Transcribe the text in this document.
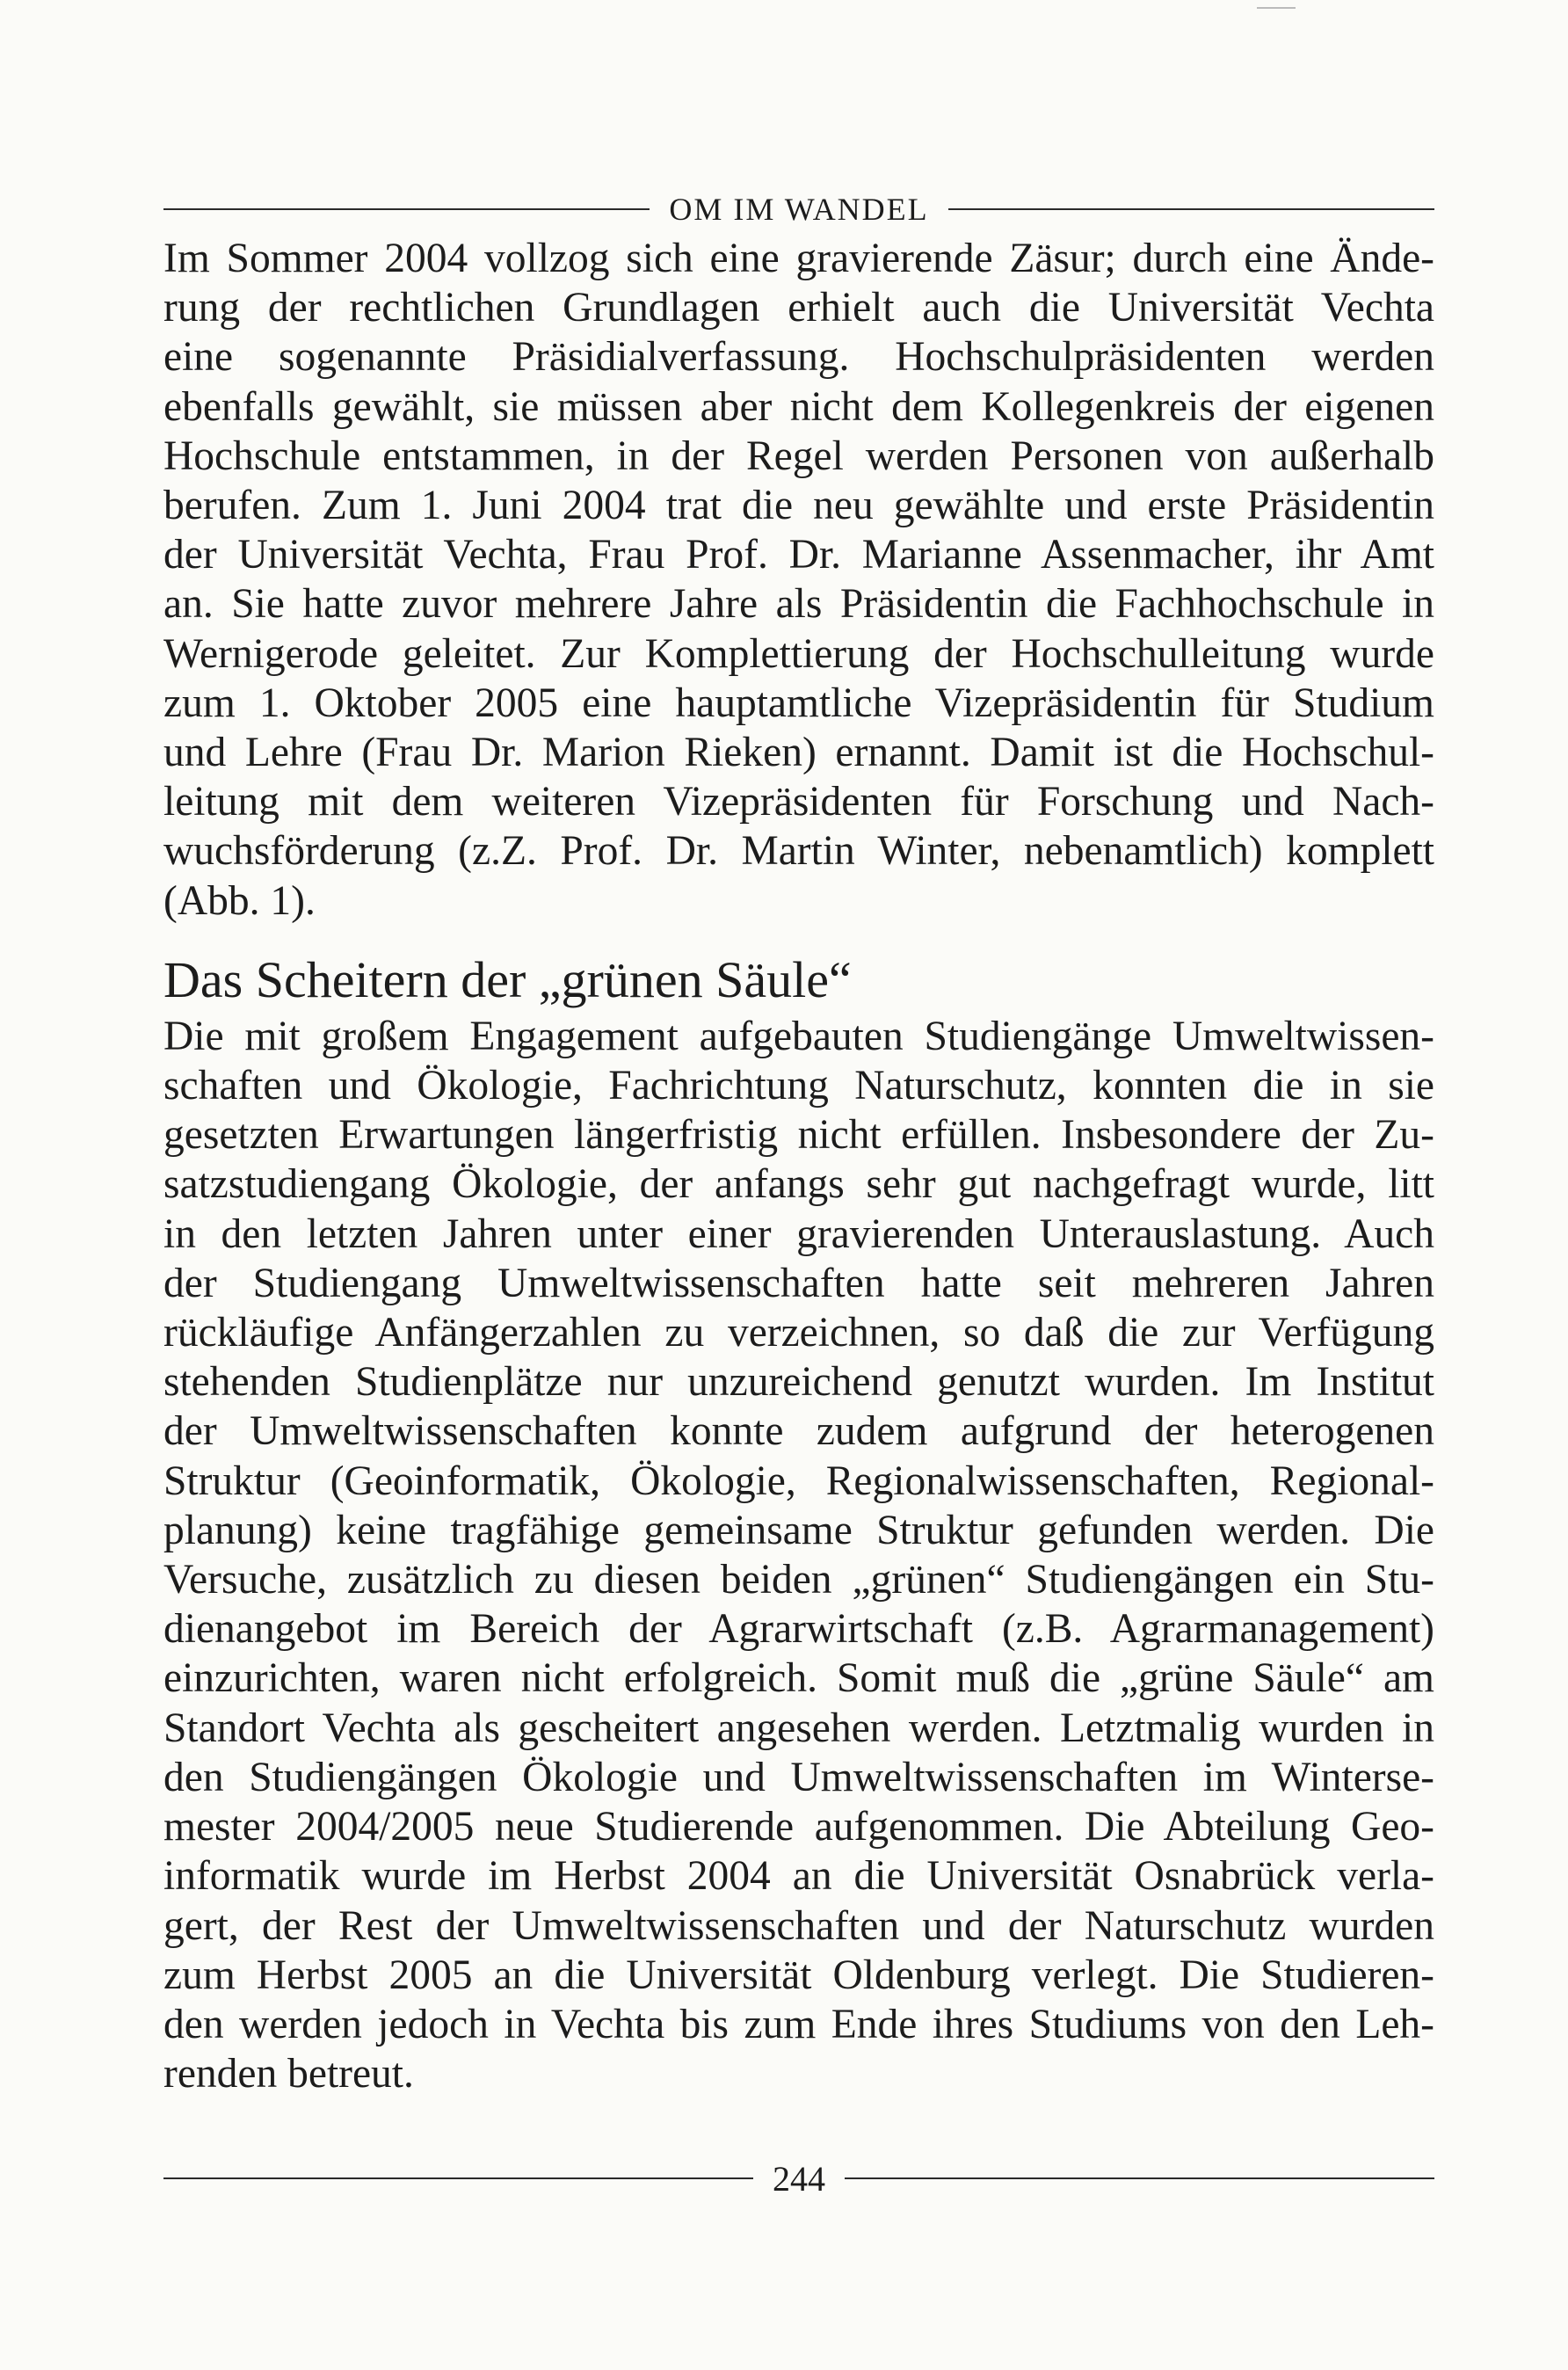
OM IM WANDEL
Im Sommer 2004 vollzog sich eine gravierende Zäsur; durch eine Ände-
rung der rechtlichen Grundlagen erhielt auch die Universität Vechta
eine sogenannte Präsidialverfassung. Hochschulpräsidenten werden
ebenfalls gewählt, sie müssen aber nicht dem Kollegenkreis der eigenen
Hochschule entstammen, in der Regel werden Personen von außerhalb
berufen. Zum 1. Juni 2004 trat die neu gewählte und erste Präsidentin
der Universität Vechta, Frau Prof. Dr. Marianne Assenmacher, ihr Amt
an. Sie hatte zuvor mehrere Jahre als Präsidentin die Fachhochschule in
Wernigerode geleitet. Zur Komplettierung der Hochschulleitung wurde
zum 1. Oktober 2005 eine hauptamtliche Vizepräsidentin für Studium
und Lehre (Frau Dr. Marion Rieken) ernannt. Damit ist die Hochschul-
leitung mit dem weiteren Vizepräsidenten für Forschung und Nach-
wuchsförderung (z.Z. Prof. Dr. Martin Winter, nebenamtlich) komplett
(Abb. 1).
Das Scheitern der „grünen Säule“
Die mit großem Engagement aufgebauten Studiengänge Umweltwissen-
schaften und Ökologie, Fachrichtung Naturschutz, konnten die in sie
gesetzten Erwartungen längerfristig nicht erfüllen. Insbesondere der Zu-
satzstudiengang Ökologie, der anfangs sehr gut nachgefragt wurde, litt
in den letzten Jahren unter einer gravierenden Unterauslastung. Auch
der Studiengang Umweltwissenschaften hatte seit mehreren Jahren
rückläufige Anfängerzahlen zu verzeichnen, so daß die zur Verfügung
stehenden Studienplätze nur unzureichend genutzt wurden. Im Institut
der Umweltwissenschaften konnte zudem aufgrund der heterogenen
Struktur (Geoinformatik, Ökologie, Regionalwissenschaften, Regional-
planung) keine tragfähige gemeinsame Struktur gefunden werden. Die
Versuche, zusätzlich zu diesen beiden „grünen“ Studiengängen ein Stu-
dienangebot im Bereich der Agrarwirtschaft (z.B. Agrarmanagement)
einzurichten, waren nicht erfolgreich. Somit muß die „grüne Säule“ am
Standort Vechta als gescheitert angesehen werden. Letztmalig wurden in
den Studiengängen Ökologie und Umweltwissenschaften im Winterse-
mester 2004/2005 neue Studierende aufgenommen. Die Abteilung Geo-
informatik wurde im Herbst 2004 an die Universität Osnabrück verla-
gert, der Rest der Umweltwissenschaften und der Naturschutz wurden
zum Herbst 2005 an die Universität Oldenburg verlegt. Die Studieren-
den werden jedoch in Vechta bis zum Ende ihres Studiums von den Leh-
renden betreut.
244
